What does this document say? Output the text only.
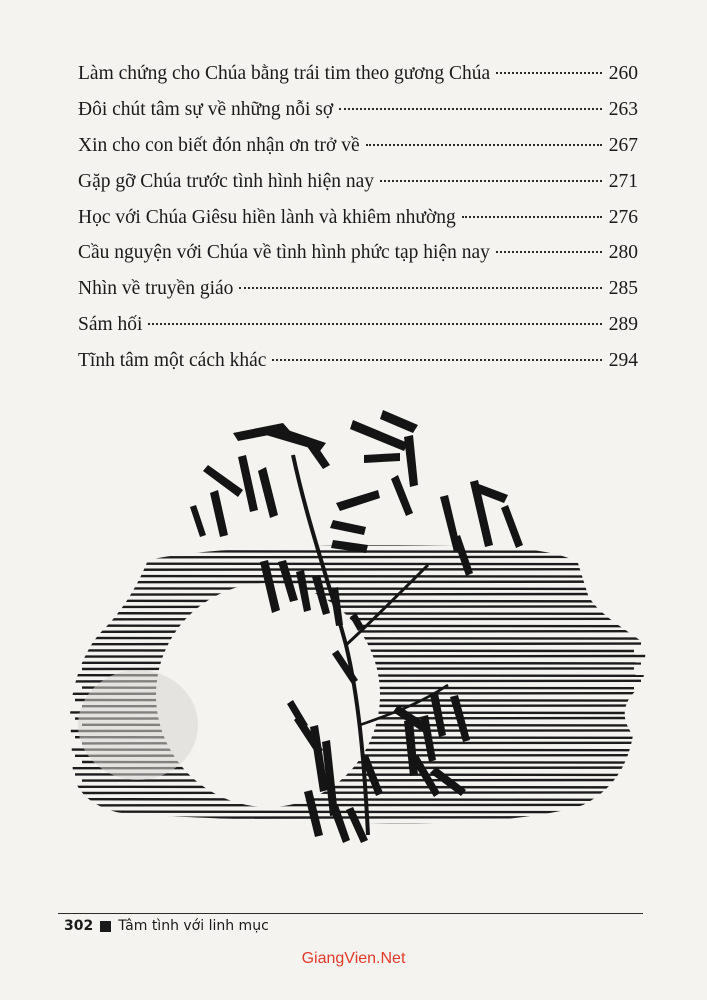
Làm chứng cho Chúa bằng trái tim theo gương Chúa	260
Đôi chút tâm sự về những nỗi sợ	263
Xin cho con biết đón nhận ơn trở về	267
Gặp gỡ Chúa trước tình hình hiện nay	271
Học với Chúa Giêsu hiền lành và khiêm nhường	276
Cầu nguyện với Chúa về tình hình phức tạp hiện nay	280
Nhìn về truyền giáo	285
Sám hối	289
Tĩnh tâm một cách khác	294
302 Tâm tình với linh mục
GiangVien.Net
